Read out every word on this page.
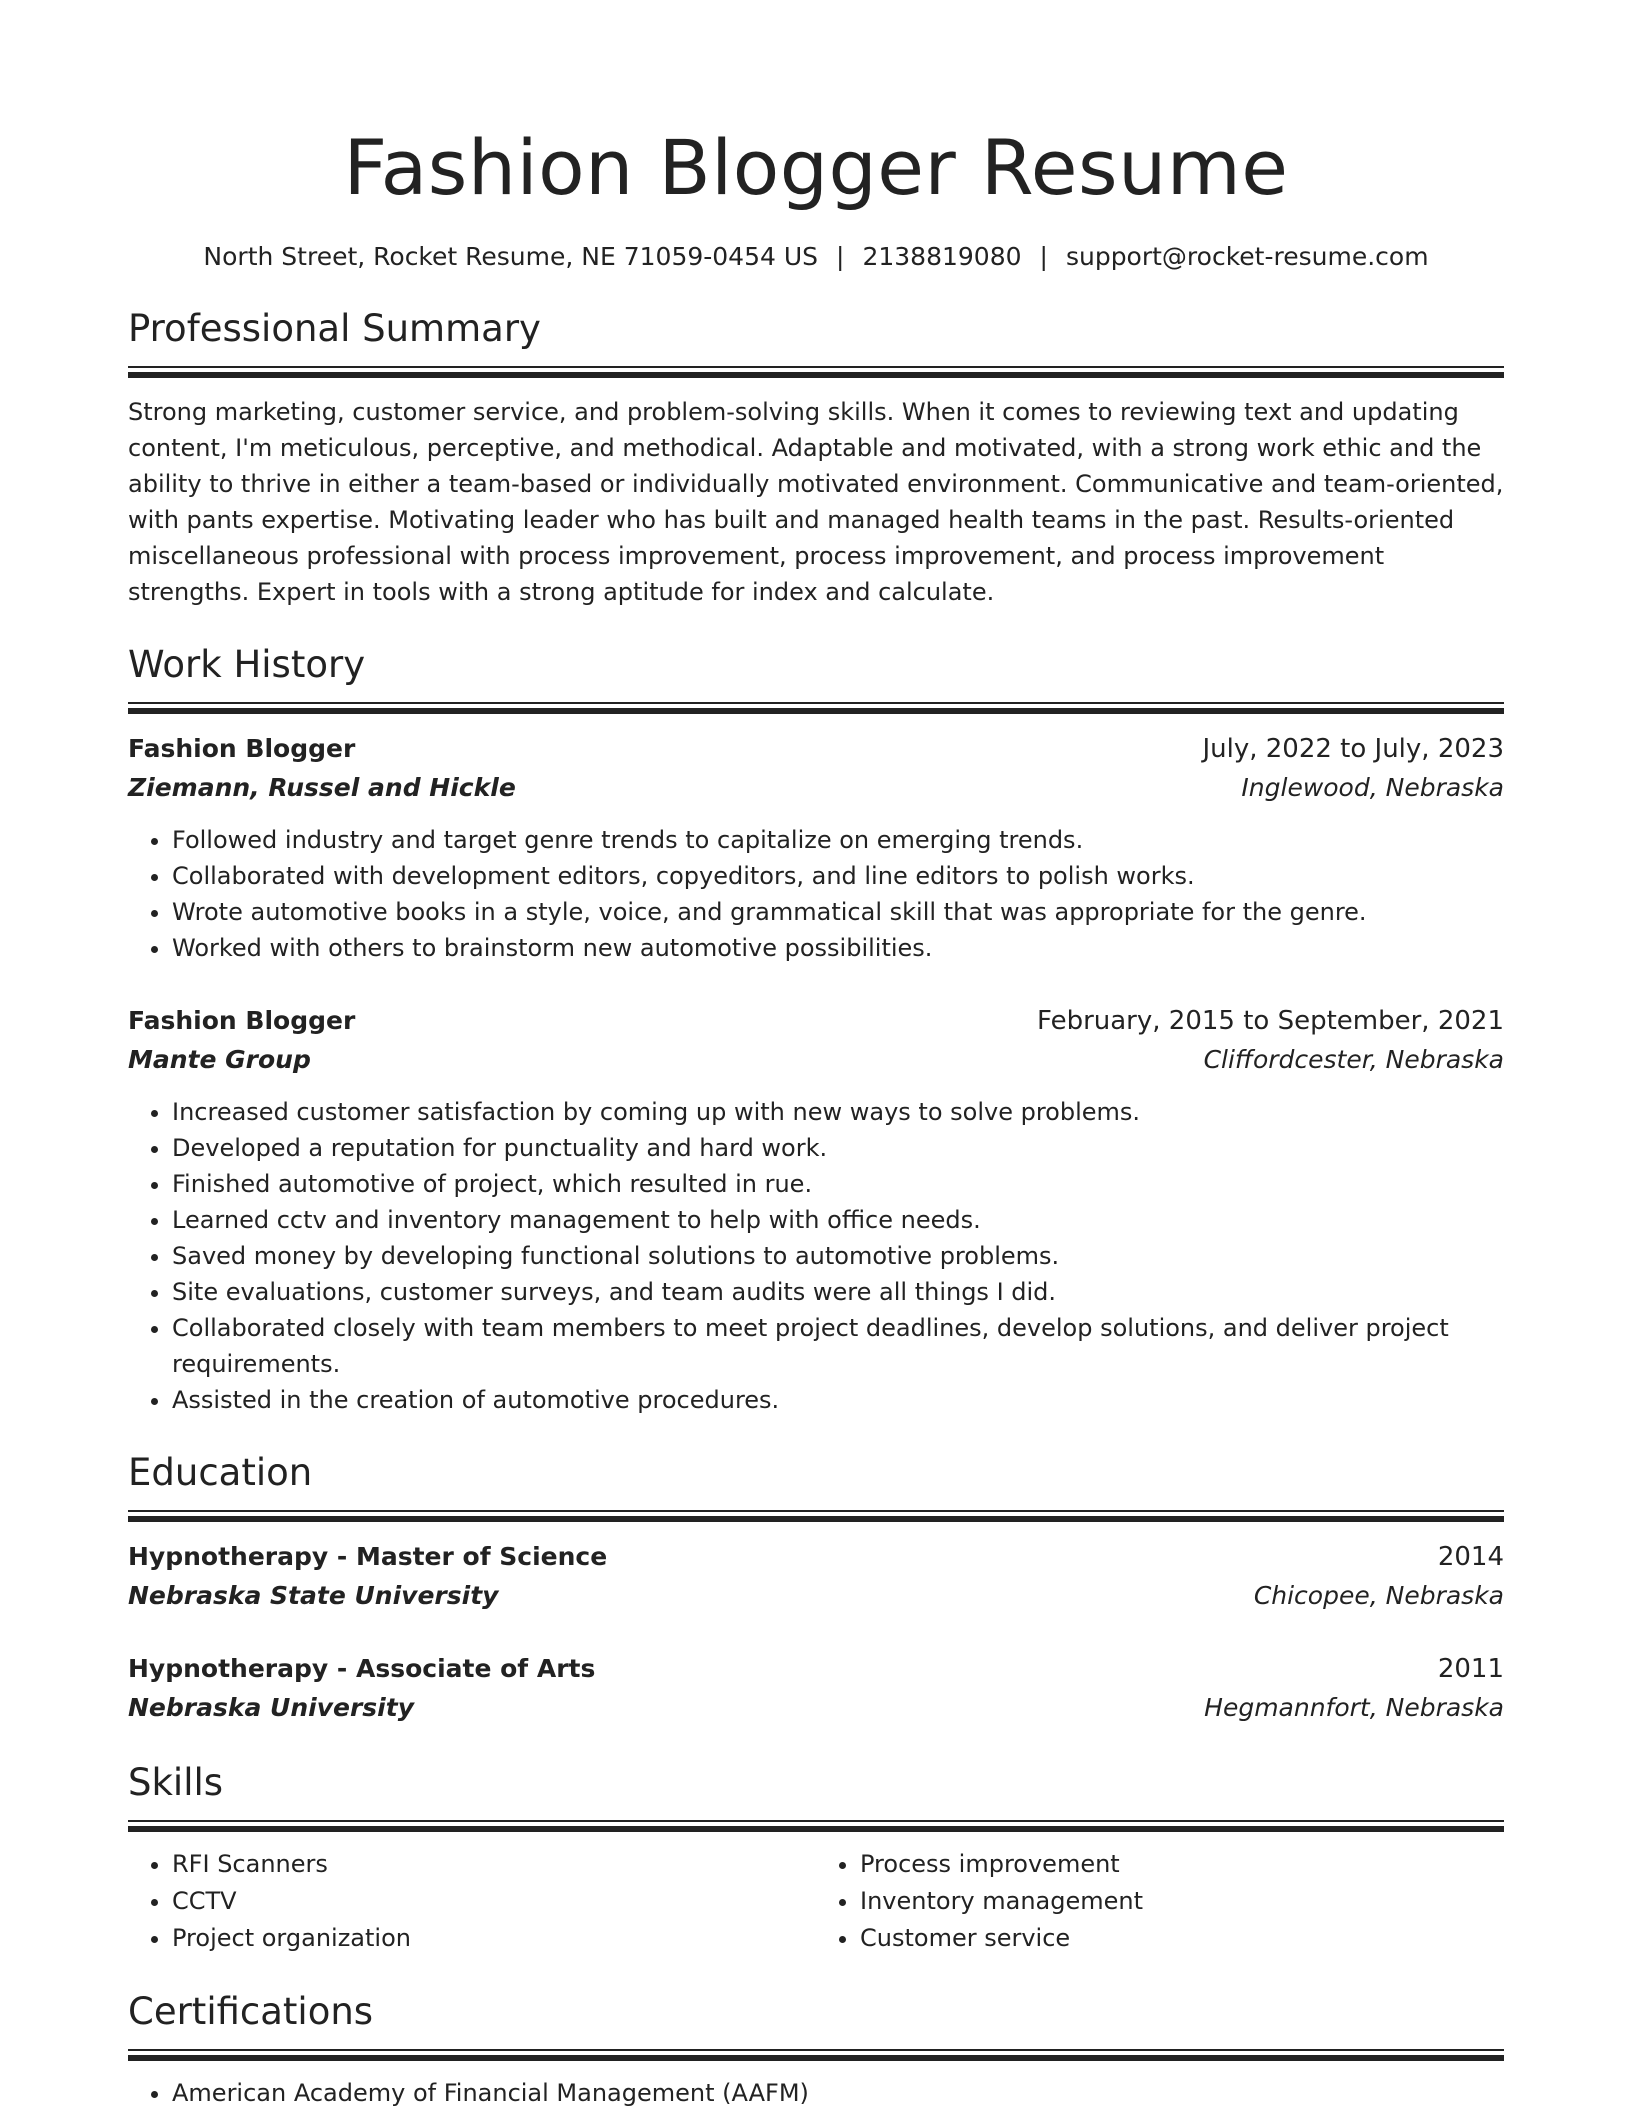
Fashion Blogger Resume
North Street, Rocket Resume, NE 71059-0454 US | 2138819080 | support@rocket-resume.com
Professional Summary
Strong marketing, customer service, and problem-solving skills. When it comes to reviewing text and updating content, I'm meticulous, perceptive, and methodical. Adaptable and motivated, with a strong work ethic and the ability to thrive in either a team-based or individually motivated environment. Communicative and team-oriented, with pants expertise. Motivating leader who has built and managed health teams in the past. Results-oriented miscellaneous professional with process improvement, process improvement, and process improvement strengths. Expert in tools with a strong aptitude for index and calculate.
Work History
Fashion Blogger	July, 2022 to July, 2023
Ziemann, Russel and Hickle	Inglewood, Nebraska
• Followed industry and target genre trends to capitalize on emerging trends.
• Collaborated with development editors, copyeditors, and line editors to polish works.
• Wrote automotive books in a style, voice, and grammatical skill that was appropriate for the genre.
• Worked with others to brainstorm new automotive possibilities.
Fashion Blogger	February, 2015 to September, 2021
Mante Group	Cliffordcester, Nebraska
• Increased customer satisfaction by coming up with new ways to solve problems.
• Developed a reputation for punctuality and hard work.
• Finished automotive of project, which resulted in rue.
• Learned cctv and inventory management to help with office needs.
• Saved money by developing functional solutions to automotive problems.
• Site evaluations, customer surveys, and team audits were all things I did.
• Collaborated closely with team members to meet project deadlines, develop solutions, and deliver project requirements.
• Assisted in the creation of automotive procedures.
Education
Hypnotherapy - Master of Science	2014
Nebraska State University	Chicopee, Nebraska
Hypnotherapy - Associate of Arts	2011
Nebraska University	Hegmannfort, Nebraska
Skills
• RFI Scanners
• CCTV
• Project organization
• Process improvement
• Inventory management
• Customer service
Certifications
• American Academy of Financial Management (AAFM)
